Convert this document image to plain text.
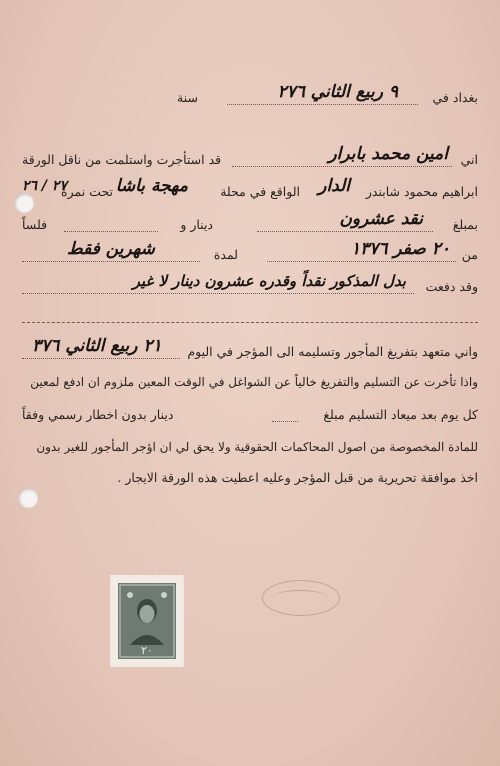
بغداد في
٩ ربيع الثاني ٢٧٦
سنة
اني
امين محمد بابرار
قد استأجرت واستلمت من ناقل الورقة
ابراهيم محمود شابندر
الدار
الواقع في محلة
مهجة باشا
تحت نمرة
٢٧ / ٢٦
بمبلغ
نقد عشرون
دينار و
فلساً
من
٢٠ صفر ١٣٧٦
لمدة
شهرين فقط
وقد دفعت
بدل المذكور نقداً وقدره عشرون دينار لا غير
واني متعهد بتفريغ المأجور وتسليمه الى المؤجر في اليوم
٢١ ربيع الثاني ٣٧٦
واذا تأخرت عن التسليم والتفريغ خالياً عن الشواغل في الوقت المعين ملزوم ان ادفع لمعين
كل يوم بعد ميعاد التسليم مبلغ
دينار بدون اخطار رسمي وفقاً
للمادة المخصوصة من اصول المحاكمات الحقوقية ولا يحق لي ان اؤجر المأجور للغير بدون
اخذ موافقة تحريرية من قبل المؤجر وعليه اعطيت هذه الورقة الايجار .
٢٠
